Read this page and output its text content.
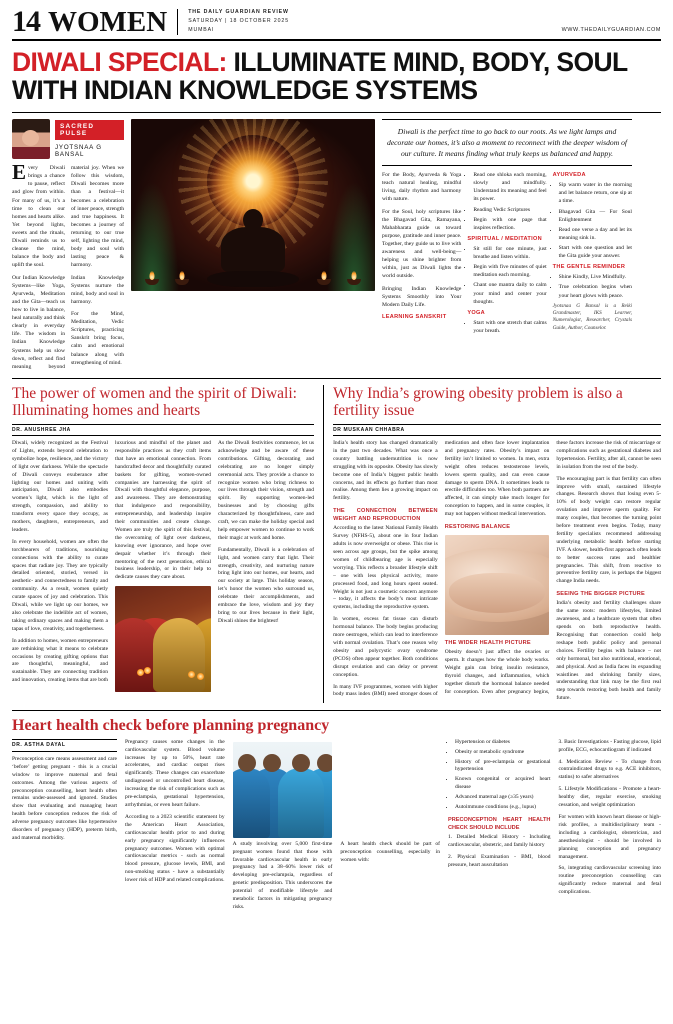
14 WOMEN	THE DAILY GUARDIAN REVIEW
SATURDAY | 18 OCTOBER 2025
MUMBAI	WWW.THEDAILYGUARDIAN.COM
DIWALI SPECIAL: ILLUMINATE MIND, BODY, SOUL WITH INDIAN KNOWLEDGE SYSTEMS
SACRED PULSE
JYOTSNAA G BANSAL

Every Diwali brings a chance to pause, reflect and glow from within. For many of us, it’s a time to clean our homes and hearts alike. Yet beyond lights, sweets and the rituals, Diwali reminds us to cleanse the mind, balance the body and uplift the soul.

Our Indian Knowledge Systems—like Yoga, Ayurveda, Meditation and the Gita—teach us how to live in balance, heal naturally and think clearly in everyday life. The wisdom in Indian Knowledge Systems help us slow down, reflect and find meaning beyond material joy. When we follow this wisdom, Diwali becomes more than a festival—it becomes a celebration of inner peace, strength and true happiness. It becomes a journey of returning to our true self, lighting the mind, body and soul with lasting peace & harmony.

Indian Knowledge Systems nurture the mind, body and soul in harmony.

For the Mind, Meditation, Vedic Scriptures, practicing Sanskrit bring focus, calm and emotional balance along with strengthening of mind.

Diwali is the perfect time to go back to our roots. As we light lamps and decorate our homes, it’s also a moment to reconnect with the deeper wisdom of our culture. It means finding what truly keeps us balanced and happy.

For the Body, Ayurveda & Yoga teach natural healing, mindful living, daily rhythm and harmony with nature.

For the Soul, holy scriptures like the Bhagavad Gita, Ramayana, Mahabharata guide us toward purpose, gratitude and inner peace. Together, they guide us to live with awareness and well-being—helping us shine brighter from within, just as Diwali lights the world outside.

Bringing Indian Knowledge Systems Smoothly into Your Modern Daily Life.

LEARNING SANSKRIT
• Read one shloka each morning, slowly and mindfully. Understand its meaning and feel its power.
• Reading Vedic Scriptures
• Begin with one page that inspires reflection.
SPIRITUAL / MEDITATION
• Sit still for one minute, just breathe and listen within.
• Begin with five minutes of quiet meditation each morning.
• Chant one mantra daily to calm your mind and center your thoughts.
YOGA
• Start with one stretch that calms your breath.
AYURVEDA
• Sip warm water in the morning and let balance return, one sip at a time.
• Bhagavad Gita — For Soul Enlightenment
• Read one verse a day and let its meaning sink in.
• Start with one question and let the Gita guide your answer.
THE GENTLE REMINDER
• Shine Kindly, Live Mindfully.
• True celebration begins when your heart glows with peace.
Jyotsnaa G Bansal is a Reiki Grandmaster, IKS Learner, Numerologist, Researcher, Crystals Guide, Author, Counselor.
The power of women and the spirit of Diwali: Illuminating homes and hearts
DR. ANUSHREE JHA

Diwali, widely recognized as the Festival of Lights, extends beyond celebration to symbolize hope, resilience, and the victory of light over darkness. While the spectacle of Diwali conveys exuberance after lighting our homes and uniting with anticipation, Diwali also embodies women’s light, which is the light of strength, compassion, and ability to transform every space they occupy, as mothers, daughters, entrepreneurs, and leaders.

In every household, women are often the torchbearers of traditions, nourishing connections with the ability to curate spaces that radiate joy. They are typically detailed oriented, storied, versed in aesthetic- and connectedness to family and community. As a result, women quietly curate spaces of joy and celebration. This Diwali, while we light up our homes, we also celebrate the indelible act of women, taking ordinary spaces and making them a tapas of love, creativity, and togetherness.

In addition to homes, women entrepreneurs are rethinking what it means to celebrate occasions by creating gifting options that are thoughtful, meaningful, and sustainable. They are connecting tradition and innovation, creating items that are both luxurious and mindful of the planet and responsible practices as they craft items that have an emotional connection. From handcrafted decor and thoughtfully curated baskets for gifting, women-owned companies are harnessing the spirit of Diwali with thoughtful elegance, purpose, and awareness. They are demonstrating that indulgence and responsibility, entrepreneurship, and leadership inspire their communities and create change. Women are truly the spirit of this festival, the overcoming of light over darkness, knowing ever ignorance, and hope over despair whether it’s through their mentoring of the next generation, ethical business leadership, or in their help to dedicate causes they care about.

As the Diwali festivities commence, let us acknowledge and be aware of these contributions. Gifting, decorating and celebrating are no longer simply ceremonial acts. They provide a chance to recognize women who bring richness to our lives through their vision, strength and spirit. By supporting women-led businesses and by choosing gifts characterized by thoughtfulness, care and craft, we can make the holiday special and help empower women to continue to work their magic at work and home.

Fundamentally, Diwali is a celebration of light, and women carry that light. Their strength, creativity, and nurturing nature bring light into our homes, our hearts, and our society at large. This holiday season, let’s honor the women who surround us, celebrate their accomplishments, and embrace the love, wisdom and joy they bring to our lives because in their light, Diwali shines the brightest!

Why India’s growing obesity problem is also a fertility issue
DR MUSKAAN CHHABRA

India’s health story has changed dramatically in the past two decades. What was once a country battling undernutrition is now struggling with its opposite. Obesity has slowly become one of India’s biggest public health concerns, and its effects go further than most realise. Among them lies a growing impact on fertility.

THE CONNECTION BETWEEN WEIGHT AND REPRODUCTION

According to the latest National Family Health Survey (NFHS-5), about one in four Indian adults is now overweight or obese. This rise is seen across age groups, but the spike among women of childbearing age is especially worrying. This reflects a broader lifestyle shift – one with less physical activity, more processed food, and long hours spent seated. Weight is not just a cosmetic concern anymore – today, it affects the body’s most intricate systems, including the reproductive system.

In women, excess fat tissue can disturb hormonal balance. The body begins producing more oestrogen, which can lead to interference with normal ovulation. That’s one reason why obesity and polycystic ovary syndrome (PCOS) often appear together. Both conditions disrupt ovulation and can delay or prevent conception.

In many IVF programmes, women with higher body mass index (BMI) need stronger doses of medication and often face lower implantation and pregnancy rates. Obesity’s impact on fertility isn’t limited to women. In men, extra weight often reduces testosterone levels, lowers sperm quality, and can even cause damage to sperm DNA. It sometimes leads to erectile difficulties too. When both partners are affected, it can simply take much longer for conception to happen, and in some couples, it may not happen without medical intervention.

RESTORING BALANCE
THE WIDER HEALTH PICTURE

Obesity doesn’t just affect the ovaries or sperm. It changes how the whole body works. Weight gain can bring insulin resistance, thyroid changes, and inflammation, which together disturb the hormonal balance needed for conception. Even after pregnancy begins, these factors increase the risk of miscarriage or complications such as gestational diabetes and hypertension. Fertility, after all, cannot be seen in isolation from the rest of the body.

The encouraging part is that fertility can often improve with small, sustained lifestyle changes. Research shows that losing even 5-10% of body weight can restore regular ovulation and improve sperm quality. For many couples, that becomes the turning point before treatment even begins. Today, many fertility specialists recommend addressing underlying metabolic health before starting IVF. A slower, health-first approach often leads to better success rates and healthier pregnancies. This shift, from reactive to preventive fertility care, is perhaps the biggest change India needs.

SEEING THE BIGGER PICTURE

India’s obesity and fertility challenges share the same roots: modern lifestyles, limited awareness, and a healthcare system that often spends on both reproductive health. Recognising that connection could help reshape both public policy and personal choices. Fertility begins with balance – not only hormonal, but also nutritional, emotional, and physical. And as India faces its expanding waistlines and shrinking family sizes, understanding that link may be the first real step towards restoring both health and family future.

Heart health check before planning pregnancy
DR. ASTHA DAYAL

Preconception care means assessment and care ‘before’ getting pregnant - this is a crucial window to improve maternal and fetal outcomes. Among the various aspects of preconception counselling, heart health often remains under-assessed and ignored. Studies show that evaluating and managing heart health before conception reduces the risk of adverse pregnancy outcomes like hypertensive disorders of pregnancy (HDP), preterm birth, and maternal morbidity.

Pregnancy causes some changes in the cardiovascular system. Blood volume increases by up to 50%, heart rate accelerates, and cardiac output rises significantly. These changes can exacerbate undiagnosed or uncontrolled heart disease, increasing the risk of complications such as pre-eclampsia, gestational hypertension, arrhythmias, or even heart failure.

According to a 2023 scientific statement by the American Heart Association, cardiovascular health prior to and during early pregnancy significantly influences pregnancy outcomes. Women with optimal cardiovascular metrics - such as normal blood pressure, glucose levels, BMI, and non-smoking status - have a substantially lower risk of HDP and related complications.

A study involving over 5,000 first-time pregnant women found that those with favorable cardiovascular health in early pregnancy had a 38–60% lower risk of developing pre-eclampsia, regardless of genetic predisposition. This underscores the potential of modifiable lifestyle and metabolic factors in mitigating pregnancy risks.

A heart health check should be part of preconception counselling, especially in women with:

• Hypertension or diabetes
• Obesity or metabolic syndrome
• History of pre-eclampsia or gestational hypertension
• Known congenital or acquired heart disease
• Advanced maternal age (≥35 years)
• Autoimmune conditions (e.g., lupus)
PRECONCEPTION HEART HEALTH CHECK SHOULD INCLUDE

1. Detailed Medical History - Including cardiovascular, obstetric, and family history

2. Physical Examination - BMI, blood pressure, heart auscultation

3. Basic Investigations - Fasting glucose, lipid profile, ECG, echocardiogram if indicated

4. Medication Review - To change from contraindicated drugs to e.g. ACE inhibitors, statins) to safer alternatives

5. Lifestyle Modifications - Promote a heart-healthy diet, regular exercise, smoking cessation, and weight optimization

For women with known heart disease or high-risk profiles, a multidisciplinary team - including a cardiologist, obstetrician, and anesthesiologist - should be involved in planning conception and pregnancy management.

So, integrating cardiovascular screening into routine preconception counselling can significantly reduce maternal and fetal complications.
